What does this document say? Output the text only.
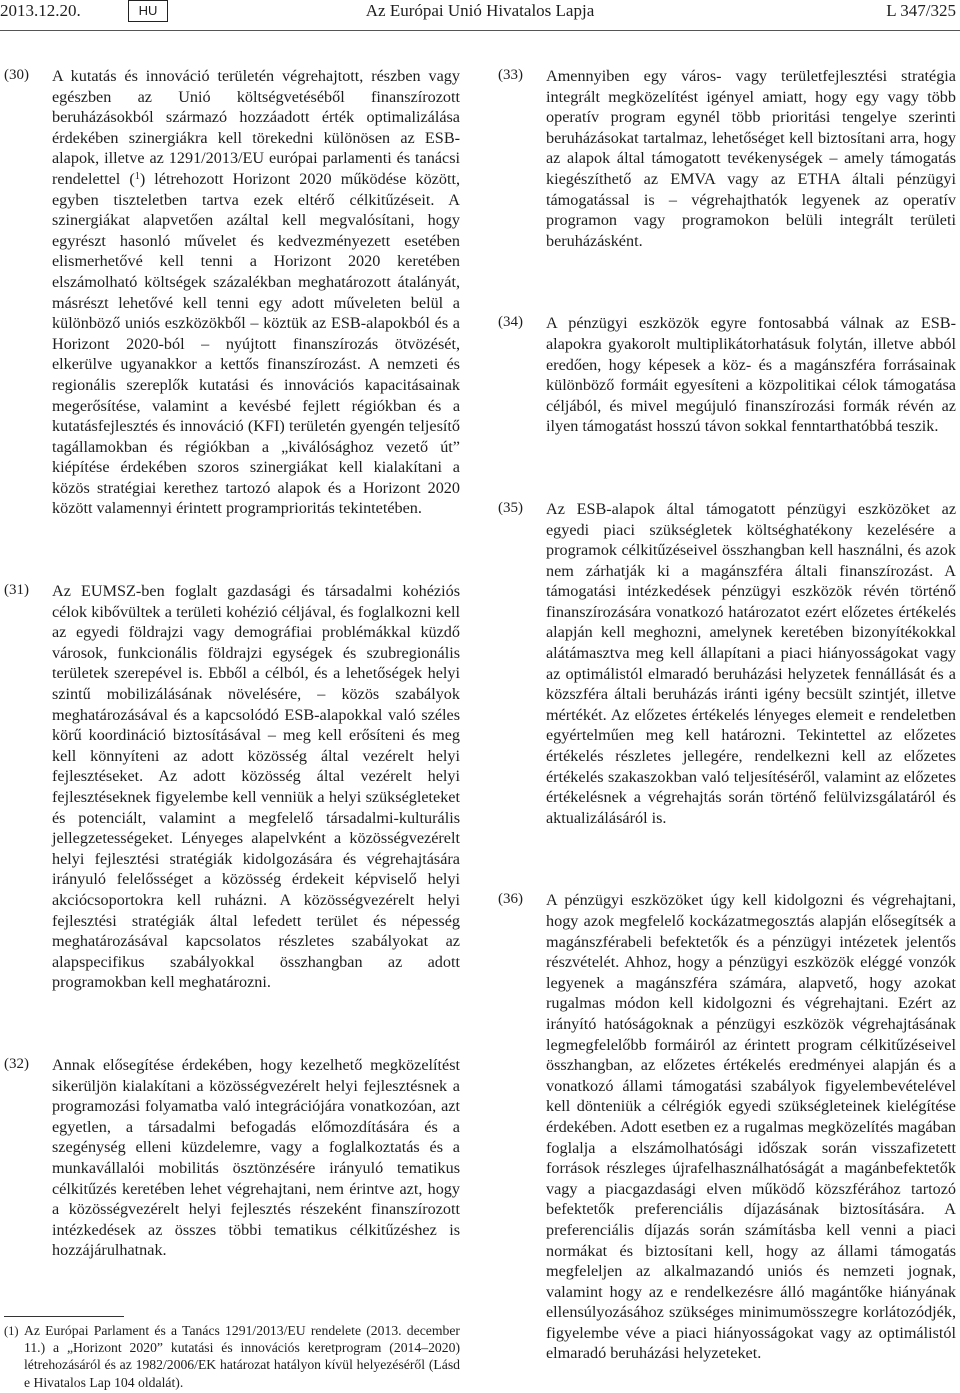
2013.12.20.	HU	Az Európai Unió Hivatalos Lapja	L 347/325
(30) A kutatás és innováció területén végrehajtott, részben vagy egészben az Unió költségvetéséből finanszírozott beruházásokból származó hozzáadott érték optimalizálása érdekében szinergiákra kell törekedni különösen az ESB-alapok, illetve az 1291/2013/EU európai parlamenti és tanácsi rendelettel ($^1$) létrehozott Horizont 2020 működése között, egyben tiszteletben tartva ezek eltérő célkitűzéseit. A szinergiákat alapvetően azáltal kell megvalósítani, hogy egyrészt hasonló művelet és kedvezményezett esetében elismerhetővé kell tenni a Horizont 2020 keretében elszámolható költségek százalékban meghatározott átalányát, másrészt lehetővé kell tenni egy adott műveleten belül a különböző uniós eszközökből – köztük az ESB-alapokból és a Horizont 2020-ból – nyújtott finanszírozás ötvözését, elkerülve ugyanakkor a kettős finanszírozást. A nemzeti és regionális szereplők kutatási és innovációs kapacitásainak megerősítése, valamint a kevésbé fejlett régiókban és a kutatásfejlesztés és innováció (KFI) területén gyengén teljesítő tagállamokban és régiókban a „kiválósághoz vezető út” kiépítése érdekében szoros szinergiákat kell kialakítani a közös stratégiai kerethez tartozó alapok és a Horizont 2020 között valamennyi érintett programprioritás tekintetében.

(31) Az EUMSZ-ben foglalt gazdasági és társadalmi kohéziós célok kibővültek a területi kohézió céljával, és foglalkozni kell az egyedi földrajzi vagy demográfiai problémákkal küzdő városok, funkcionális földrajzi egységek és szubregionális területek szerepével is. Ebből a célból, és a lehetőségek helyi szintű mobilizálásának növelésére, – közös szabályok meghatározásával és a kapcsolódó ESB-alapokkal való széles körű koordináció biztosításával – meg kell erősíteni és meg kell könnyíteni az adott közösség által vezérelt helyi fejlesztéseket. Az adott közösség által vezérelt helyi fejlesztéseknek figyelembe kell venniük a helyi szükségleteket és potenciált, valamint a megfelelő társadalmi-kulturális jellegzetességeket. Lényeges alapelvként a közösségvezérelt helyi fejlesztési stratégiák kidolgozására és végrehajtására irányuló felelősséget a közösség érdekeit képviselő helyi akciócsoportokra kell ruházni. A közösségvezérelt helyi fejlesztési stratégiák által lefedett terület és népesség meghatározásával kapcsolatos részletes szabályokat az alapspecifikus szabályokkal összhangban az adott programokban kell meghatározni.

(32) Annak elősegítése érdekében, hogy kezelhető megközelítést sikerüljön kialakítani a közösségvezérelt helyi fejlesztésnek a programozási folyamatba való integrációjára vonatkozóan, azt egyetlen, a társadalmi befogadás előmozdítására és a szegénység elleni küzdelemre, vagy a foglalkoztatás és a munkavállalói mobilitás ösztönzésére irányuló tematikus célkitűzés keretében lehet végrehajtani, nem érintve azt, hogy a közösségvezérelt helyi fejlesztés részeként finanszírozott intézkedések az összes többi tematikus célkitűzéshez is hozzájárulhatnak.

(1) Az Európai Parlament és a Tanács 1291/2013/EU rendelete (2013. december 11.) a „Horizont 2020” kutatási és innovációs keretprogram (2014–2020) létrehozásáról és az 1982/2006/EK határozat hatályon kívül helyezéséről (Lásd e Hivatalos Lap 104 oldalát).

(33) Amennyiben egy város- vagy területfejlesztési stratégia integrált megközelítést igényel amiatt, hogy egy vagy több operatív program egynél több prioritási tengelye szerinti beruházásokat tartalmaz, lehetőséget kell biztosítani arra, hogy az alapok által támogatott tevékenységek – amely támogatás kiegészíthető az EMVA vagy az ETHA általi pénzügyi támogatással is – végrehajthatók legyenek az operatív programon vagy programokon belüli integrált területi beruházásként.

(34) A pénzügyi eszközök egyre fontosabbá válnak az ESB-alapokra gyakorolt multiplikátorhatásuk folytán, illetve abból eredően, hogy képesek a köz- és a magánszféra forrásainak különböző formáit egyesíteni a közpolitikai célok támogatása céljából, és mivel megújuló finanszírozási formák révén az ilyen támogatást hosszú távon sokkal fenntarthatóbbá teszik.

(35) Az ESB-alapok által támogatott pénzügyi eszközöket az egyedi piaci szükségletek költséghatékony kezelésére a programok célkitűzéseivel összhangban kell használni, és azok nem zárhatják ki a magánszféra általi finanszírozást. A támogatási intézkedések pénzügyi eszközök révén történő finanszírozására vonatkozó határozatot ezért előzetes értékelés alapján kell meghozni, amelynek keretében bizonyítékokkal alátámasztva meg kell állapítani a piaci hiányosságokat vagy az optimálistól elmaradó beruházási helyzetek fennállását és a közszféra általi beruházás iránti igény becsült szintjét, illetve mértékét. Az előzetes értékelés lényeges elemeit e rendeletben egyértelműen meg kell határozni. Tekintettel az előzetes értékelés részletes jellegére, rendelkezni kell az előzetes értékelés szakaszokban való teljesítéséről, valamint az előzetes értékelésnek a végrehajtás során történő felülvizsgálatáról és aktualizálásáról is.

(36) A pénzügyi eszközöket úgy kell kidolgozni és végrehajtani, hogy azok megfelelő kockázatmegosztás alapján elősegítsék a magánszférabeli befektetők és a pénzügyi intézetek jelentős részvételét. Ahhoz, hogy a pénzügyi eszközök eléggé vonzók legyenek a magánszféra számára, alapvető, hogy azokat rugalmas módon kell kidolgozni és végrehajtani. Ezért az irányító hatóságoknak a pénzügyi eszközök végrehajtásának legmegfelelőbb formáiról az érintett program célkitűzéseivel összhangban, az előzetes értékelés eredményei alapján és a vonatkozó állami támogatási szabályok figyelembevételével kell dönteniük a célrégiók egyedi szükségleteinek kielégítése érdekében. Adott esetben ez a rugalmas megközelítés magában foglalja a elszámolhatósági időszak során visszafizetett források részleges újrafelhasználhatóságát a magánbefektetők vagy a piacgazdasági elven működő közszférához tartozó befektetők preferenciális díjazásának biztosítására. A preferenciális díjazás során számításba kell venni a piaci normákat és biztosítani kell, hogy az állami támogatás megfeleljen az alkalmazandó uniós és nemzeti jognak, valamint hogy az e rendelkezésre álló magántőke hiányának ellensúlyozásához szükséges minimumösszegre korlátozódjék, figyelembe véve a piaci hiányosságokat vagy az optimálistól elmaradó beruházási helyzeteket.
